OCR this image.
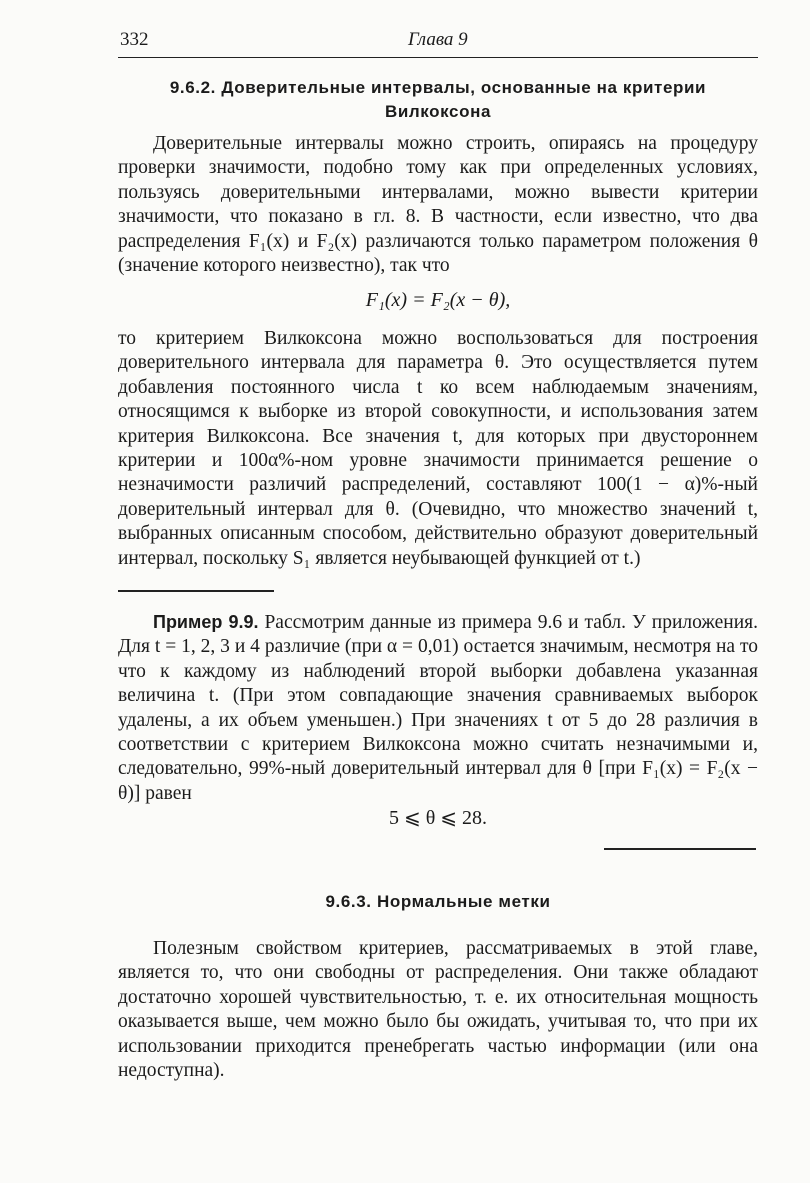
332	Глава 9
9.6.2. Доверительные интервалы, основанные на критерии
Вилкоксона

Доверительные интервалы можно строить, опираясь на процедуру проверки значимости, подобно тому как при определенных условиях, пользуясь доверительными интервалами, можно вывести критерии значимости, что показано в гл. 8. В частности, если известно, что два распределения F₁(x) и F₂(x) различаются только параметром положения θ (значение которого неизвестно), так что

F₁(x) = F₂(x − θ),

то критерием Вилкоксона можно воспользоваться для построения доверительного интервала для параметра θ. Это осуществляется путем добавления постоянного числа t ко всем наблюдаемым значениям, относящимся к выборке из второй совокупности, и использования затем критерия Вилкоксона. Все значения t, для которых при двустороннем критерии и 100α%-ном уровне значимости принимается решение о незначимости различий распределений, составляют 100(1 − α)%-ный доверительный интервал для θ. (Очевидно, что множество значений t, выбранных описанным способом, действительно образуют доверительный интервал, поскольку S₁ является неубывающей функцией от t.)

Пример 9.9. Рассмотрим данные из примера 9.6 и табл. У приложения. Для t = 1, 2, 3 и 4 различие (при α = 0,01) остается значимым, несмотря на то что к каждому из наблюдений второй выборки добавлена указанная величина t. (При этом совпадающие значения сравниваемых выборок удалены, а их объем уменьшен.) При значениях t от 5 до 28 различия в соответствии с критерием Вилкоксона можно считать незначимыми и, следовательно, 99%-ный доверительный интервал для θ [при F₁(x) = F₂(x − θ)] равен

5 ⩽ θ ⩽ 28.
9.6.3. Нормальные метки

Полезным свойством критериев, рассматриваемых в этой главе, является то, что они свободны от распределения. Они также обладают достаточно хорошей чувствительностью, т. е. их относительная мощность оказывается выше, чем можно было бы ожидать, учитывая то, что при их использовании приходится пренебрегать частью информации (или она недоступна).
